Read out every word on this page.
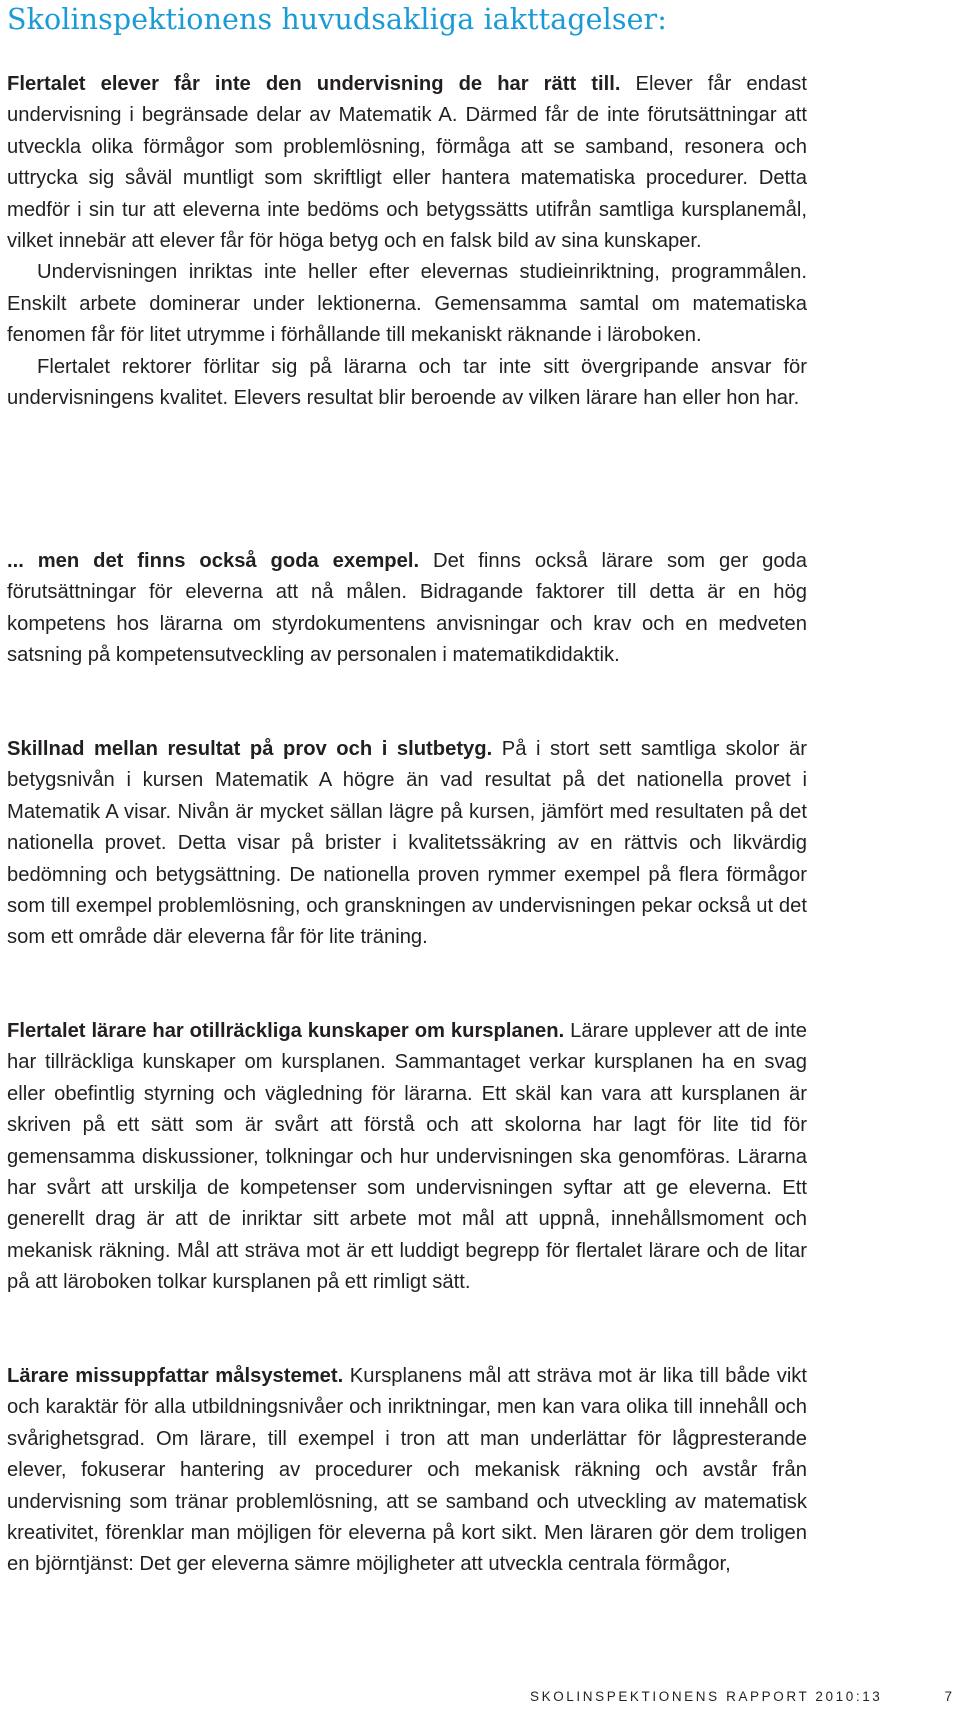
Skolinspektionens huvudsakliga iakttagelser:

Flertalet elever får inte den undervisning de har rätt till. Elever får endast undervisning i begränsade delar av Matematik A. Därmed får de inte förutsättningar att utveckla olika förmågor som problemlösning, förmåga att se samband, resonera och uttrycka sig såväl muntligt som skriftligt eller hantera matematiska procedurer. Detta medför i sin tur att eleverna inte bedöms och betygssätts utifrån samtliga kursplanemål, vilket innebär att elever får för höga betyg och en falsk bild av sina kunskaper.

Undervisningen inriktas inte heller efter elevernas studieinriktning, programmålen. Enskilt arbete dominerar under lektionerna. Gemensamma samtal om matematiska fenomen får för litet utrymme i förhållande till mekaniskt räknande i läroboken.

Flertalet rektorer förlitar sig på lärarna och tar inte sitt övergripande ansvar för undervisningens kvalitet. Elevers resultat blir beroende av vilken lärare han eller hon har.

... men det finns också goda exempel. Det finns också lärare som ger goda förutsättningar för eleverna att nå målen. Bidragande faktorer till detta är en hög kompetens hos lärarna om styrdokumentens anvisningar och krav och en medveten satsning på kompetensutveckling av personalen i matematikdidaktik.

Skillnad mellan resultat på prov och i slutbetyg. På i stort sett samtliga skolor är betygsnivån i kursen Matematik A högre än vad resultat på det nationella provet i Matematik A visar. Nivån är mycket sällan lägre på kursen, jämfört med resultaten på det nationella provet. Detta visar på brister i kvalitetssäkring av en rättvis och likvärdig bedömning och betygsättning. De nationella proven rymmer exempel på flera förmågor som till exempel problemlösning, och granskningen av undervisningen pekar också ut det som ett område där eleverna får för lite träning.

Flertalet lärare har otillräckliga kunskaper om kursplanen. Lärare upplever att de inte har tillräckliga kunskaper om kursplanen. Sammantaget verkar kursplanen ha en svag eller obefintlig styrning och vägledning för lärarna. Ett skäl kan vara att kursplanen är skriven på ett sätt som är svårt att förstå och att skolorna har lagt för lite tid för gemensamma diskussioner, tolkningar och hur undervisningen ska genomföras. Lärarna har svårt att urskilja de kompetenser som undervisningen syftar att ge eleverna. Ett generellt drag är att de inriktar sitt arbete mot mål att uppnå, innehållsmoment och mekanisk räkning. Mål att sträva mot är ett luddigt begrepp för flertalet lärare och de litar på att läroboken tolkar kursplanen på ett rimligt sätt.

Lärare missuppfattar målsystemet. Kursplanens mål att sträva mot är lika till både vikt och karaktär för alla utbildningsnivåer och inriktningar, men kan vara olika till innehåll och svårighetsgrad. Om lärare, till exempel i tron att man underlättar för lågpresterande elever, fokuserar hantering av procedurer och mekanisk räkning och avstår från undervisning som tränar problemlösning, att se samband och utveckling av matematisk kreativitet, förenklar man möjligen för eleverna på kort sikt. Men läraren gör dem troligen en björntjänst: Det ger eleverna sämre möjligheter att utveckla centrala förmågor,

SKOLINSPEKTIONENS RAPPORT 2010:13	7
